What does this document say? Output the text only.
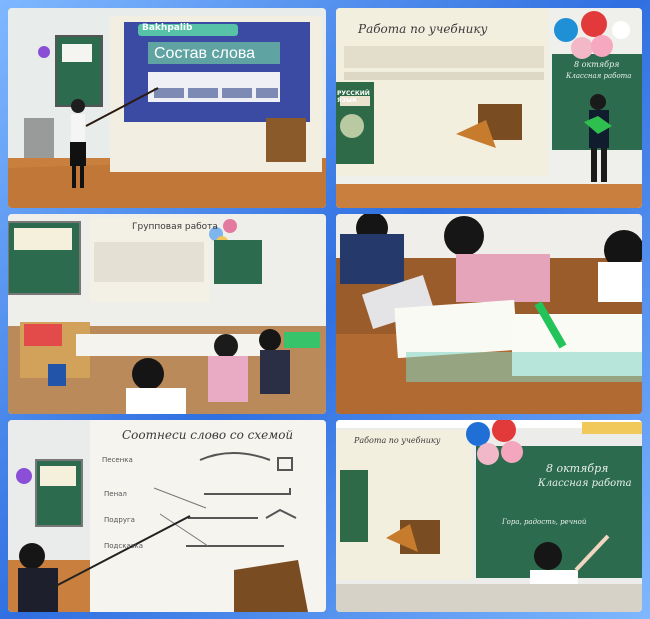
Bakhpalib
Состав слова
Работа по учебнику
РУССКИЙ ЯЗЫК
8 октября
Классная работа
Групповая работа
Соотнеси слово со схемой
Песенка
Пенал
Подруга
Подсказка
Работа по учебнику
8 октября
Классная работа
Гора, радость, речной
